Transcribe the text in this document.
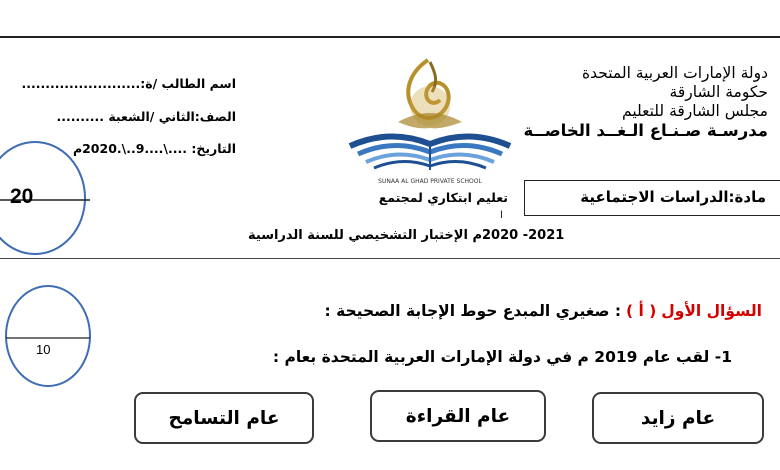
دولة الإمارات العربية المتحدة
حكومة الشارقة
مجلس الشارقة للتعليم
مدرسـة صـنـاع الـغــد الخاصــة
اسم الطالب /ة:.........................
الصف:الثاني /الشعبة ..........
التاريخ: ....\....9..\.2020م
SUNAA AL GHAD PRIVATE SCHOOL
مادة:الدراسات الاجتماعية
تعليم ابتكاري لمجتمع
ا
20
2021- 2020م الإختبار التشخيصي للسنة الدراسية
10
السؤال الأول ( أ ) : صغيري المبدع حوط الإجابة الصحيحة :
1- لقب عام 2019 م في دولة الإمارات العربية المتحدة بعام :
عام زايد
عام القراءة
عام التسامح
